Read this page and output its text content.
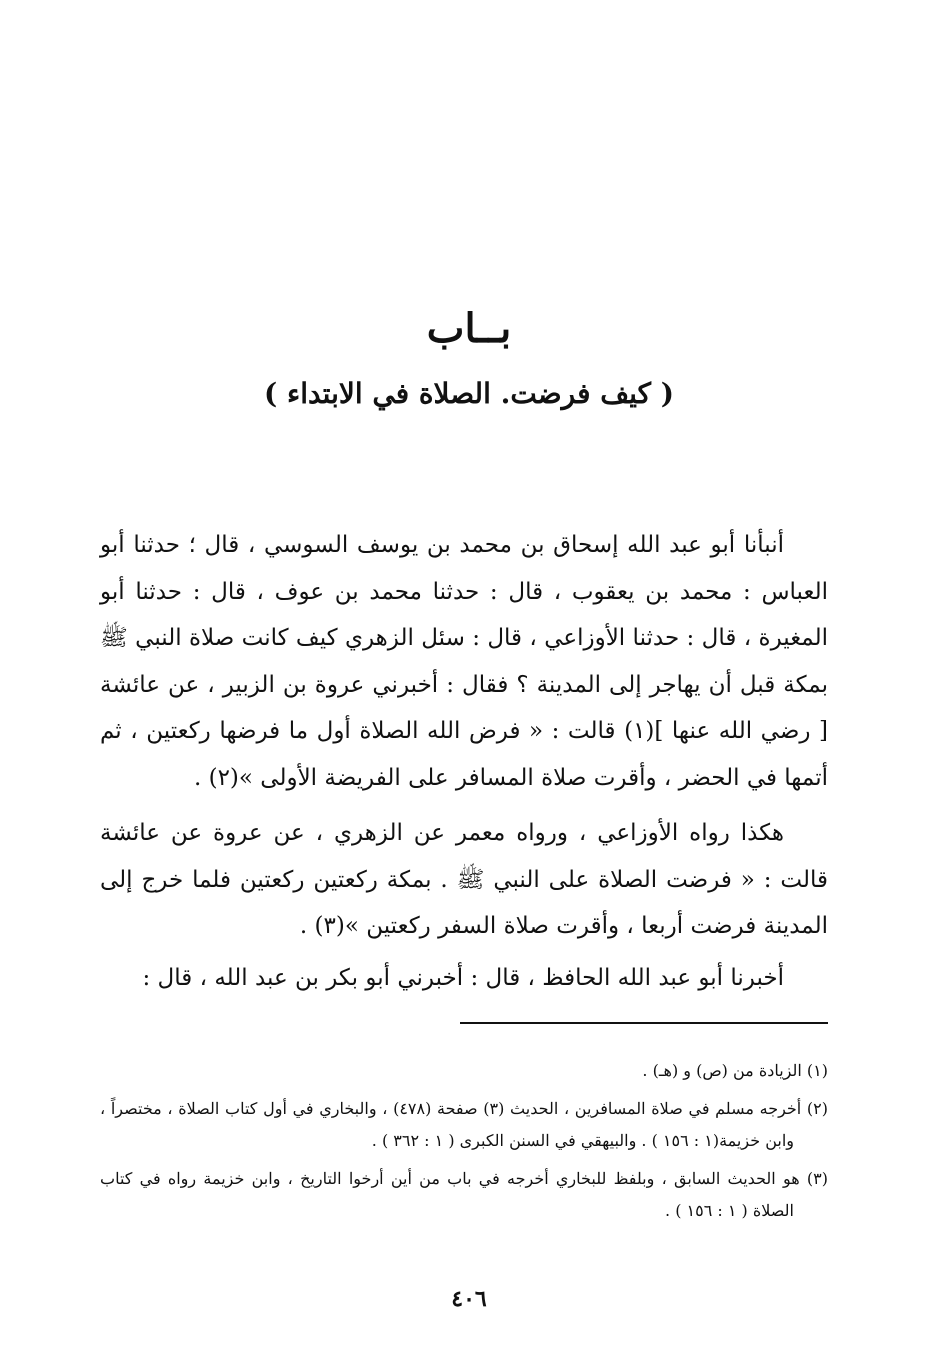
بــاب
( كيف فرضت. الصلاة في الابتداء )

أنبأنا أبو عبد الله إسحاق بن محمد بن يوسف السوسي ، قال ؛ حدثنا أبو العباس : محمد بن يعقوب ، قال : حدثنا محمد بن عوف ، قال : حدثنا أبو المغيرة ، قال : حدثنا الأوزاعي ، قال : سئل الزهري كيف كانت صلاة النبي ﷺ بمكة قبل أن يهاجر إلى المدينة ؟ فقال : أخبرني عروة بن الزبير ، عن عائشة [ رضي الله عنها ](١) قالت : « فرض الله الصلاة أول ما فرضها ركعتين ، ثم أتمها في الحضر ، وأقرت صلاة المسافر على الفريضة الأولى »(٢) .

هكذا رواه الأوزاعي ، ورواه معمر عن الزهري ، عن عروة عن عائشة قالت : « فرضت الصلاة على النبي ﷺ . بمكة ركعتين ركعتين فلما خرج إلى المدينة فرضت أربعا ، وأقرت صلاة السفر ركعتين »(٣) .

أخبرنا أبو عبد الله الحافظ ، قال : أخبرني أبو بكر بن عبد الله ، قال :

(١) الزيادة من (ص) و (هـ) .

(٢) أخرجه مسلم في صلاة المسافرين ، الحديث (٣) صفحة (٤٧٨) ، والبخاري في أول كتاب الصلاة ، مختصراً ، وابن خزيمة(١ : ١٥٦ ) . والبيهقي في السنن الكبرى ( ١ : ٣٦٢ ) .

(٣) هو الحديث السابق ، وبلفظ للبخاري أخرجه في باب من أين أرخوا التاريخ ، وابن خزيمة رواه في كتاب الصلاة ( ١ : ١٥٦ ) .

٤٠٦
